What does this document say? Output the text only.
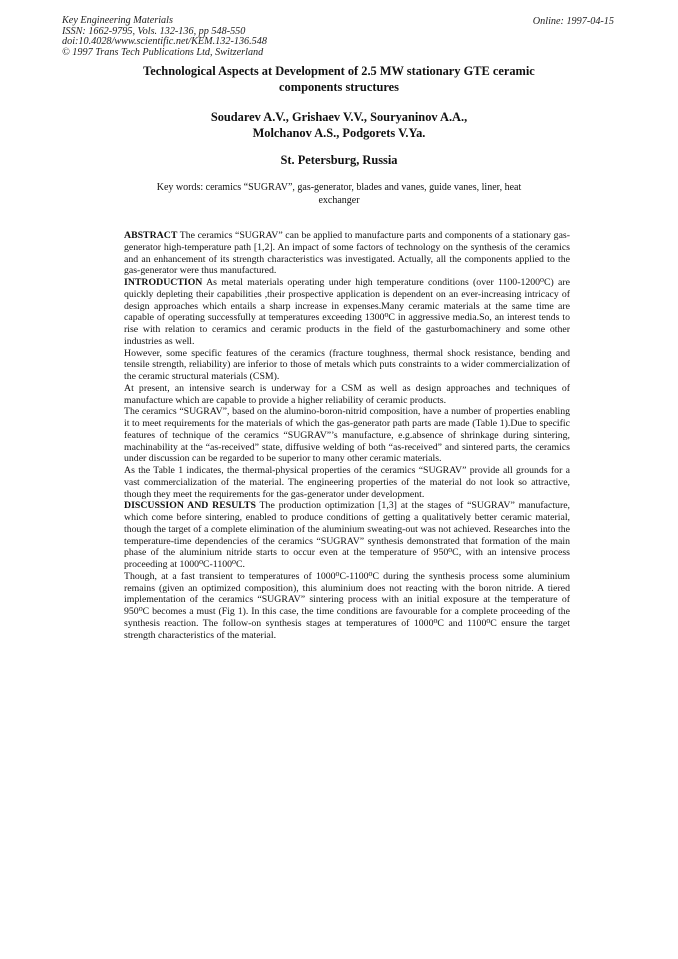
Key Engineering Materials
ISSN: 1662-9795, Vols. 132-136, pp 548-550
doi:10.4028/www.scientific.net/KEM.132-136.548
© 1997 Trans Tech Publications Ltd, Switzerland
Online: 1997-04-15
Technological Aspects at Development of 2.5 MW stationary GTE ceramic
components structures
Soudarev A.V., Grishaev V.V., Souryaninov A.A.,
Molchanov A.S., Podgorets V.Ya.
St. Petersburg, Russia
Key words: ceramics “SUGRAV”, gas-generator, blades and vanes, guide vanes, liner, heat
exchanger

ABSTRACT The ceramics “SUGRAV” can be applied to manufacture parts and components of a stationary gas-generator high-temperature path [1,2]. An impact of some factors of technology on the synthesis of the ceramics and an enhancement of its strength characteristics was investigated. Actually, all the components applied to the gas-generator were thus manufactured.

INTRODUCTION As metal materials operating under high temperature conditions (over 1100-1200⁰C) are quickly depleting their capabilities ,their prospective application is dependent on an ever-increasing intricacy of design approaches which entails a sharp increase in expenses.Many ceramic materials at the same time are capable of operating successfully at temperatures exceeding 1300⁰C in aggressive media.So, an interest tends to rise with relation to ceramics and ceramic products in the field of the gasturbomachinery and some other industries as well.

However, some specific features of the ceramics (fracture toughness, thermal shock resistance, bending and tensile strength, reliability) are inferior to those of metals which puts constraints to a wider commercialization of the ceramic structural materials (CSM).

At present, an intensive search is underway for a CSM as well as design approaches and techniques of manufacture which are capable to provide a higher reliability of ceramic products.

The ceramics “SUGRAV”, based on the alumino-boron-nitrid composition, have a number of properties enabling it to meet requirements for the materials of which the gas-generator path parts are made (Table 1).Due to specific features of technique of the ceramics “SUGRAV”’s manufacture, e.g.absence of shrinkage during sintering, machinability at the “as-received” state, diffusive welding of both “as-received” and sintered parts, the ceramics under discussion can be regarded to be superior to many other ceramic materials.

As the Table 1 indicates, the thermal-physical properties of the ceramics “SUGRAV” provide all grounds for a vast commercialization of the material. The engineering properties of the material do not look so attractive, though they meet the requirements for the gas-generator under development.

DISCUSSION AND RESULTS The production optimization [1,3] at the stages of “SUGRAV” manufacture, which come before sintering, enabled to produce conditions of getting a qualitatively better ceramic material, though the target of a complete elimination of the aluminium sweating-out was not achieved. Researches into the temperature-time dependencies of the ceramics “SUGRAV” synthesis demonstrated that formation of the main phase of the aluminium nitride starts to occur even at the temperature of 950⁰C, with an intensive process proceeding at 1000⁰C-1100⁰C.

Though, at a fast transient to temperatures of 1000⁰C-1100⁰C during the synthesis process some aluminium remains (given an optimized composition), this aluminium does not reacting with the boron nitride. A tiered implementation of the ceramics “SUGRAV” sintering process with an initial exposure at the temperature of 950⁰C becomes a must (Fig 1). In this case, the time conditions are favourable for a complete proceeding of the synthesis reaction. The follow-on synthesis stages at temperatures of 1000⁰C and 1100⁰C ensure the target strength characteristics of the material.
